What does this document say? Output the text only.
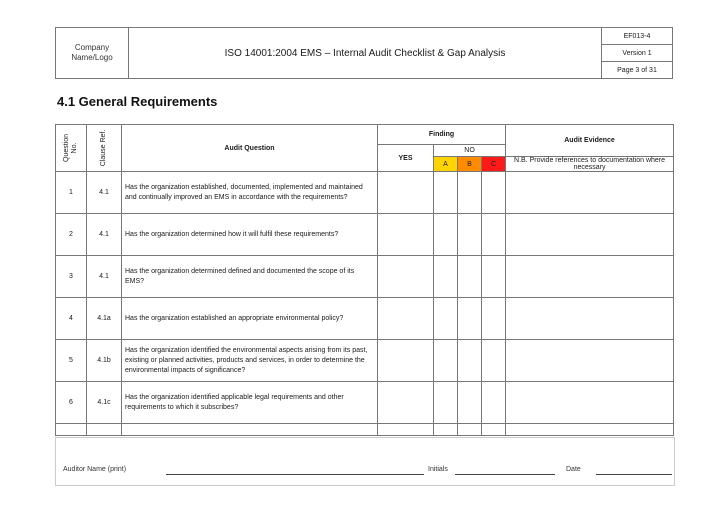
Company Name/Logo	ISO 14001:2004 EMS – Internal Audit Checklist & Gap Analysis	EF013-4
Version 1
Page 3 of 31
4.1 General Requirements
Question No.	Clause Ref.	Audit Question	Finding				Audit Evidence
			YES	NO			
				A	B	C	N.B. Provide references to documentation where necessary
1	4.1	Has the organization established, documented, implemented and maintained and continually improved an EMS in accordance with the requirements?					
2	4.1	Has the organization determined how it will fulfil these requirements?					
3	4.1	Has the organization determined defined and documented the scope of its EMS?					
4	4.1a	Has the organization established an appropriate environmental policy?					
5	4.1b	Has the organization identified the environmental aspects arising from its past, existing or planned activities, products and services, in order to determine the environmental impacts of significance?					
6	4.1c	Has the organization identified applicable legal requirements and other requirements to which it subscribes?					

Auditor Name (print)	Initials	Date
